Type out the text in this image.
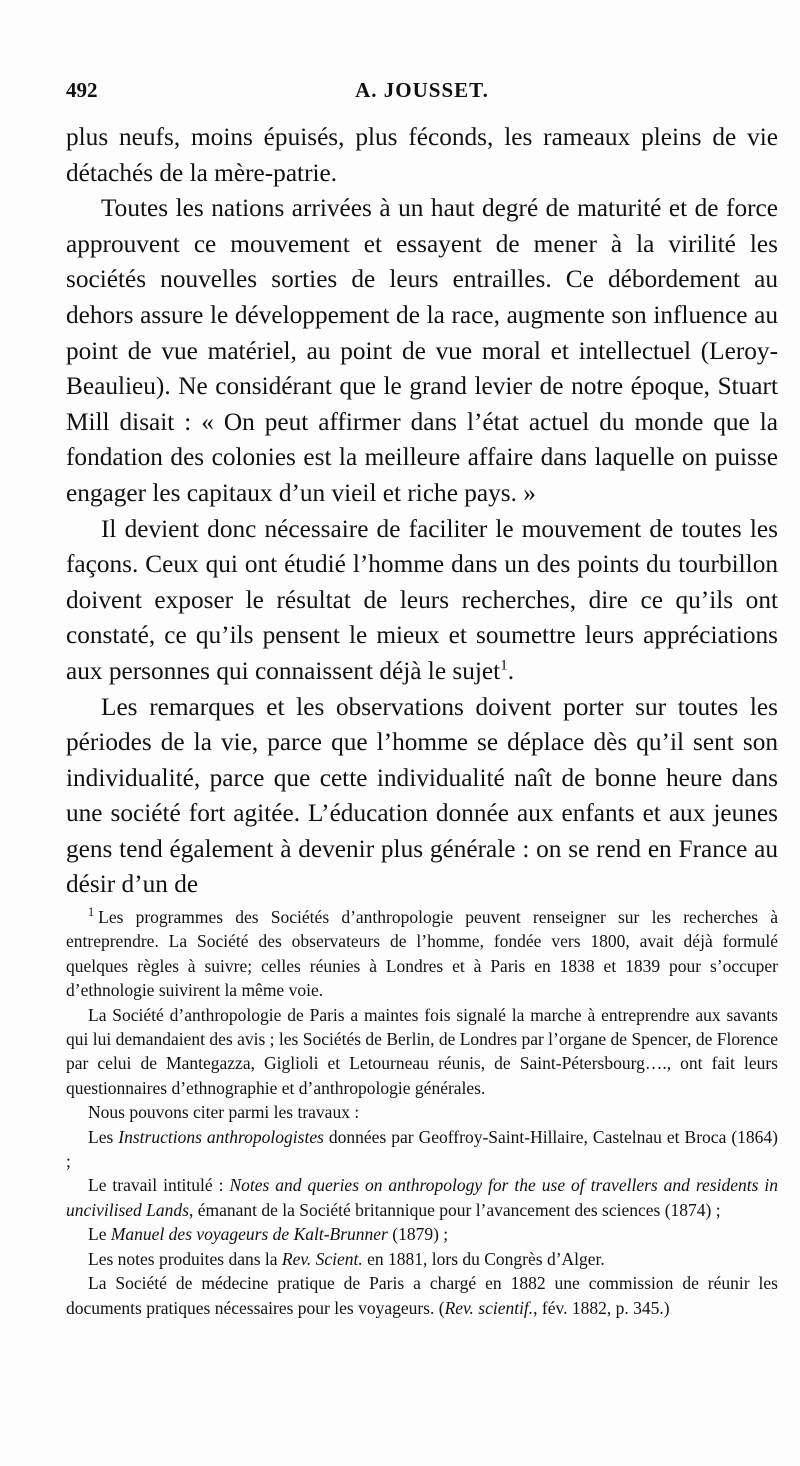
492	A. JOUSSET.

plus neufs, moins épuisés, plus féconds, les rameaux pleins de vie détachés de la mère-patrie.

Toutes les nations arrivées à un haut degré de maturité et de force approuvent ce mouvement et essayent de mener à la virilité les sociétés nouvelles sorties de leurs entrailles. Ce débordement au dehors assure le développement de la race, augmente son influence au point de vue matériel, au point de vue moral et intellectuel (Leroy-Beaulieu). Ne considérant que le grand levier de notre époque, Stuart Mill disait : « On peut affirmer dans l’état actuel du monde que la fondation des colonies est la meilleure affaire dans laquelle on puisse engager les capitaux d’un vieil et riche pays. »

Il devient donc nécessaire de faciliter le mouvement de toutes les façons. Ceux qui ont étudié l’homme dans un des points du tourbillon doivent exposer le résultat de leurs recherches, dire ce qu’ils ont constaté, ce qu’ils pensent le mieux et soumettre leurs appréciations aux personnes qui connaissent déjà le sujet$^1$.

Les remarques et les observations doivent porter sur toutes les périodes de la vie, parce que l’homme se déplace dès qu’il sent son individualité, parce que cette individualité naît de bonne heure dans une société fort agitée. L’éducation donnée aux enfants et aux jeunes gens tend également à devenir plus générale : on se rend en France au désir d’un de

$^1$ Les programmes des Sociétés d’anthropologie peuvent renseigner sur les recherches à entreprendre. La Société des observateurs de l’homme, fondée vers 1800, avait déjà formulé quelques règles à suivre; celles réunies à Londres et à Paris en 1838 et 1839 pour s’occuper d’ethnologie suivirent la même voie.

La Société d’anthropologie de Paris a maintes fois signalé la marche à entreprendre aux savants qui lui demandaient des avis ; les Sociétés de Berlin, de Londres par l’organe de Spencer, de Florence par celui de Mantegazza, Giglioli et Letourneau réunis, de Saint-Pétersbourg…., ont fait leurs questionnaires d’ethnographie et d’anthropologie générales.

Nous pouvons citer parmi les travaux :

Les Instructions anthropologistes données par Geoffroy-Saint-Hillaire, Castelnau et Broca (1864) ;

Le travail intitulé : Notes and queries on anthropology for the use of travellers and residents in uncivilised Lands, émanant de la Société britannique pour l’avancement des sciences (1874) ;

Le Manuel des voyageurs de Kalt-Brunner (1879) ;

Les notes produites dans la Rev. Scient. en 1881, lors du Congrès d’Alger.

La Société de médecine pratique de Paris a chargé en 1882 une commission de réunir les documents pratiques nécessaires pour les voyageurs. (Rev. scientif., fév. 1882, p. 345.)
